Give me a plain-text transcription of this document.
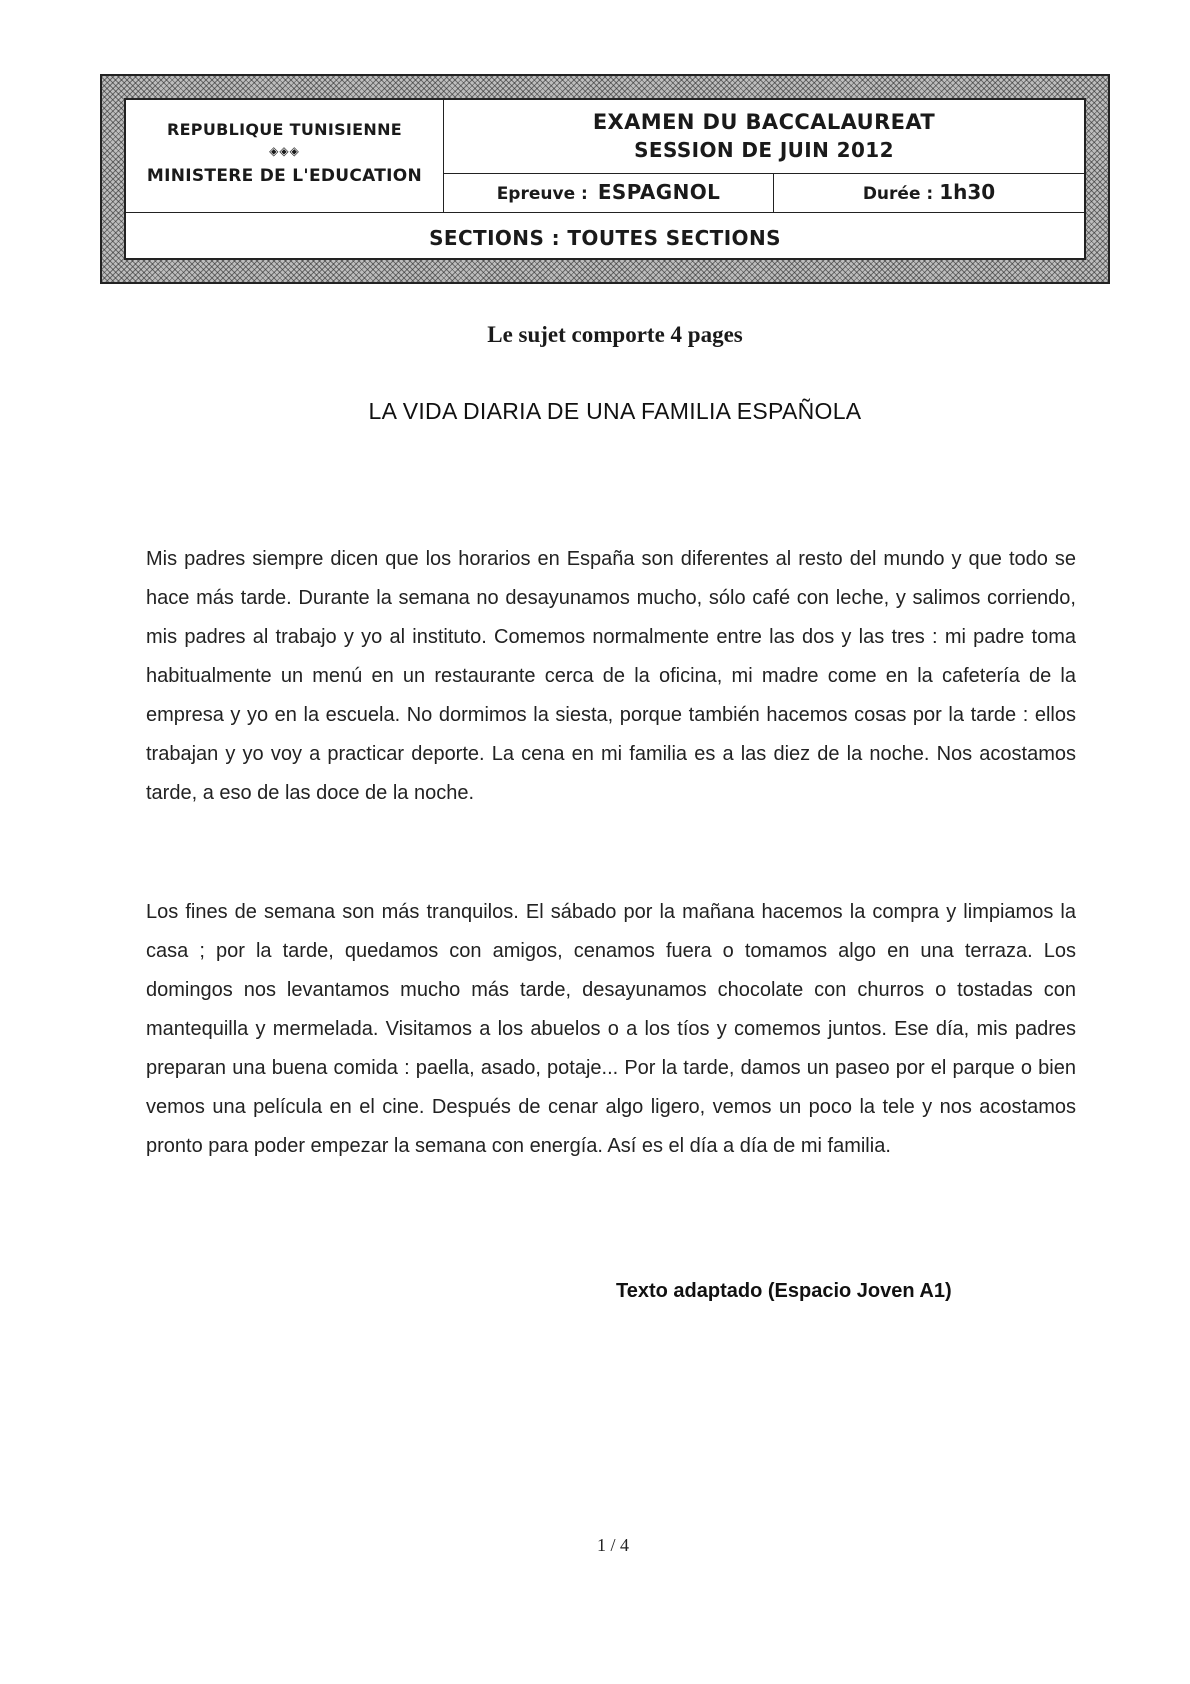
REPUBLIQUE TUNISIENNE
◈◈◈
MINISTERE DE L'EDUCATION
EXAMEN DU BACCALAUREAT
SESSION DE JUIN 2012
Epreuve : ESPAGNOL	Durée : 1h30
SECTIONS : TOUTES SECTIONS
Le sujet comporte 4 pages
LA VIDA DIARIA DE UNA FAMILIA ESPAÑOLA

Mis padres siempre dicen que los horarios en España son diferentes al resto del mundo y que todo se hace más tarde. Durante la semana no desayunamos mucho, sólo café con leche, y salimos corriendo, mis padres al trabajo y yo al instituto. Comemos normalmente entre las dos y las tres : mi padre toma habitualmente un menú en un restaurante cerca de la oficina, mi madre come en la cafetería de la empresa y yo en la escuela. No dormimos la siesta, porque también hacemos cosas por la tarde : ellos trabajan y yo voy a practicar deporte. La cena en mi familia es a las diez de la noche. Nos acostamos tarde, a eso de las doce de la noche.

Los fines de semana son más tranquilos. El sábado por la mañana hacemos la compra y limpiamos la casa ; por la tarde, quedamos con amigos, cenamos fuera o tomamos algo en una terraza. Los domingos nos levantamos mucho más tarde, desayunamos chocolate con churros o tostadas con mantequilla y mermelada. Visitamos a los abuelos o a los tíos y comemos juntos. Ese día, mis padres preparan una buena comida : paella, asado, potaje... Por la tarde, damos un paseo por el parque o bien vemos una película en el cine. Después de cenar algo ligero, vemos un poco la tele y nos acostamos pronto para poder empezar la semana con energía. Así es el día a día de mi familia.

Texto adaptado (Espacio Joven A1)
1 / 4
